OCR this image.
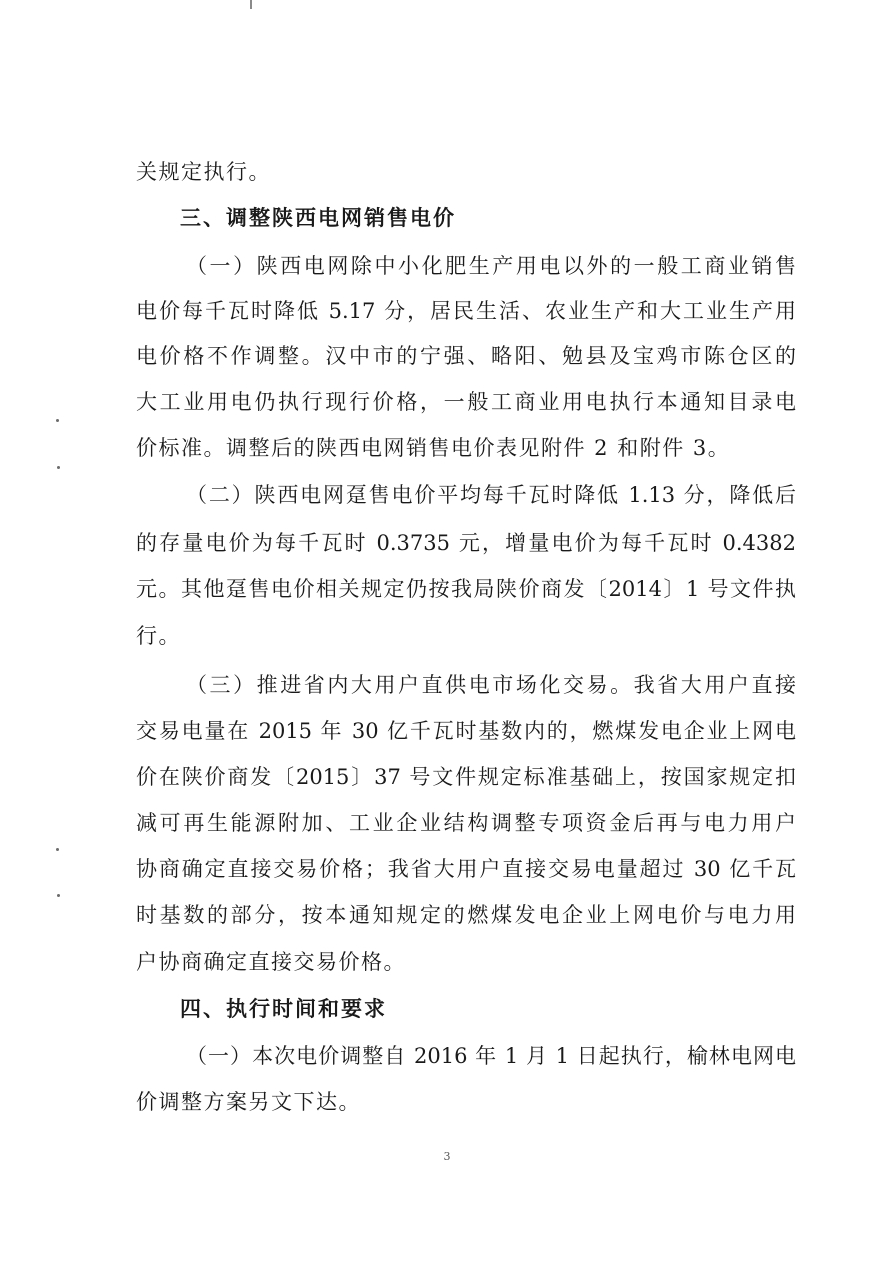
关规定执行。
三、调整陕西电网销售电价
（一）陕西电网除中小化肥生产用电以外的一般工商业销售
电价每千瓦时降低 5.17 分，居民生活、农业生产和大工业生产用
电价格不作调整。汉中市的宁强、略阳、勉县及宝鸡市陈仓区的
大工业用电仍执行现行价格，一般工商业用电执行本通知目录电
价标准。调整后的陕西电网销售电价表见附件 2 和附件 3。
（二）陕西电网趸售电价平均每千瓦时降低 1.13 分，降低后
的存量电价为每千瓦时 0.3735 元，增量电价为每千瓦时 0.4382
元。其他趸售电价相关规定仍按我局陕价商发〔2014〕1 号文件执
行。
（三）推进省内大用户直供电市场化交易。我省大用户直接
交易电量在 2015 年 30 亿千瓦时基数内的，燃煤发电企业上网电
价在陕价商发〔2015〕37 号文件规定标准基础上，按国家规定扣
减可再生能源附加、工业企业结构调整专项资金后再与电力用户
协商确定直接交易价格；我省大用户直接交易电量超过 30 亿千瓦
时基数的部分，按本通知规定的燃煤发电企业上网电价与电力用
户协商确定直接交易价格。
四、执行时间和要求
（一）本次电价调整自 2016 年 1 月 1 日起执行，榆林电网电
价调整方案另文下达。
3
